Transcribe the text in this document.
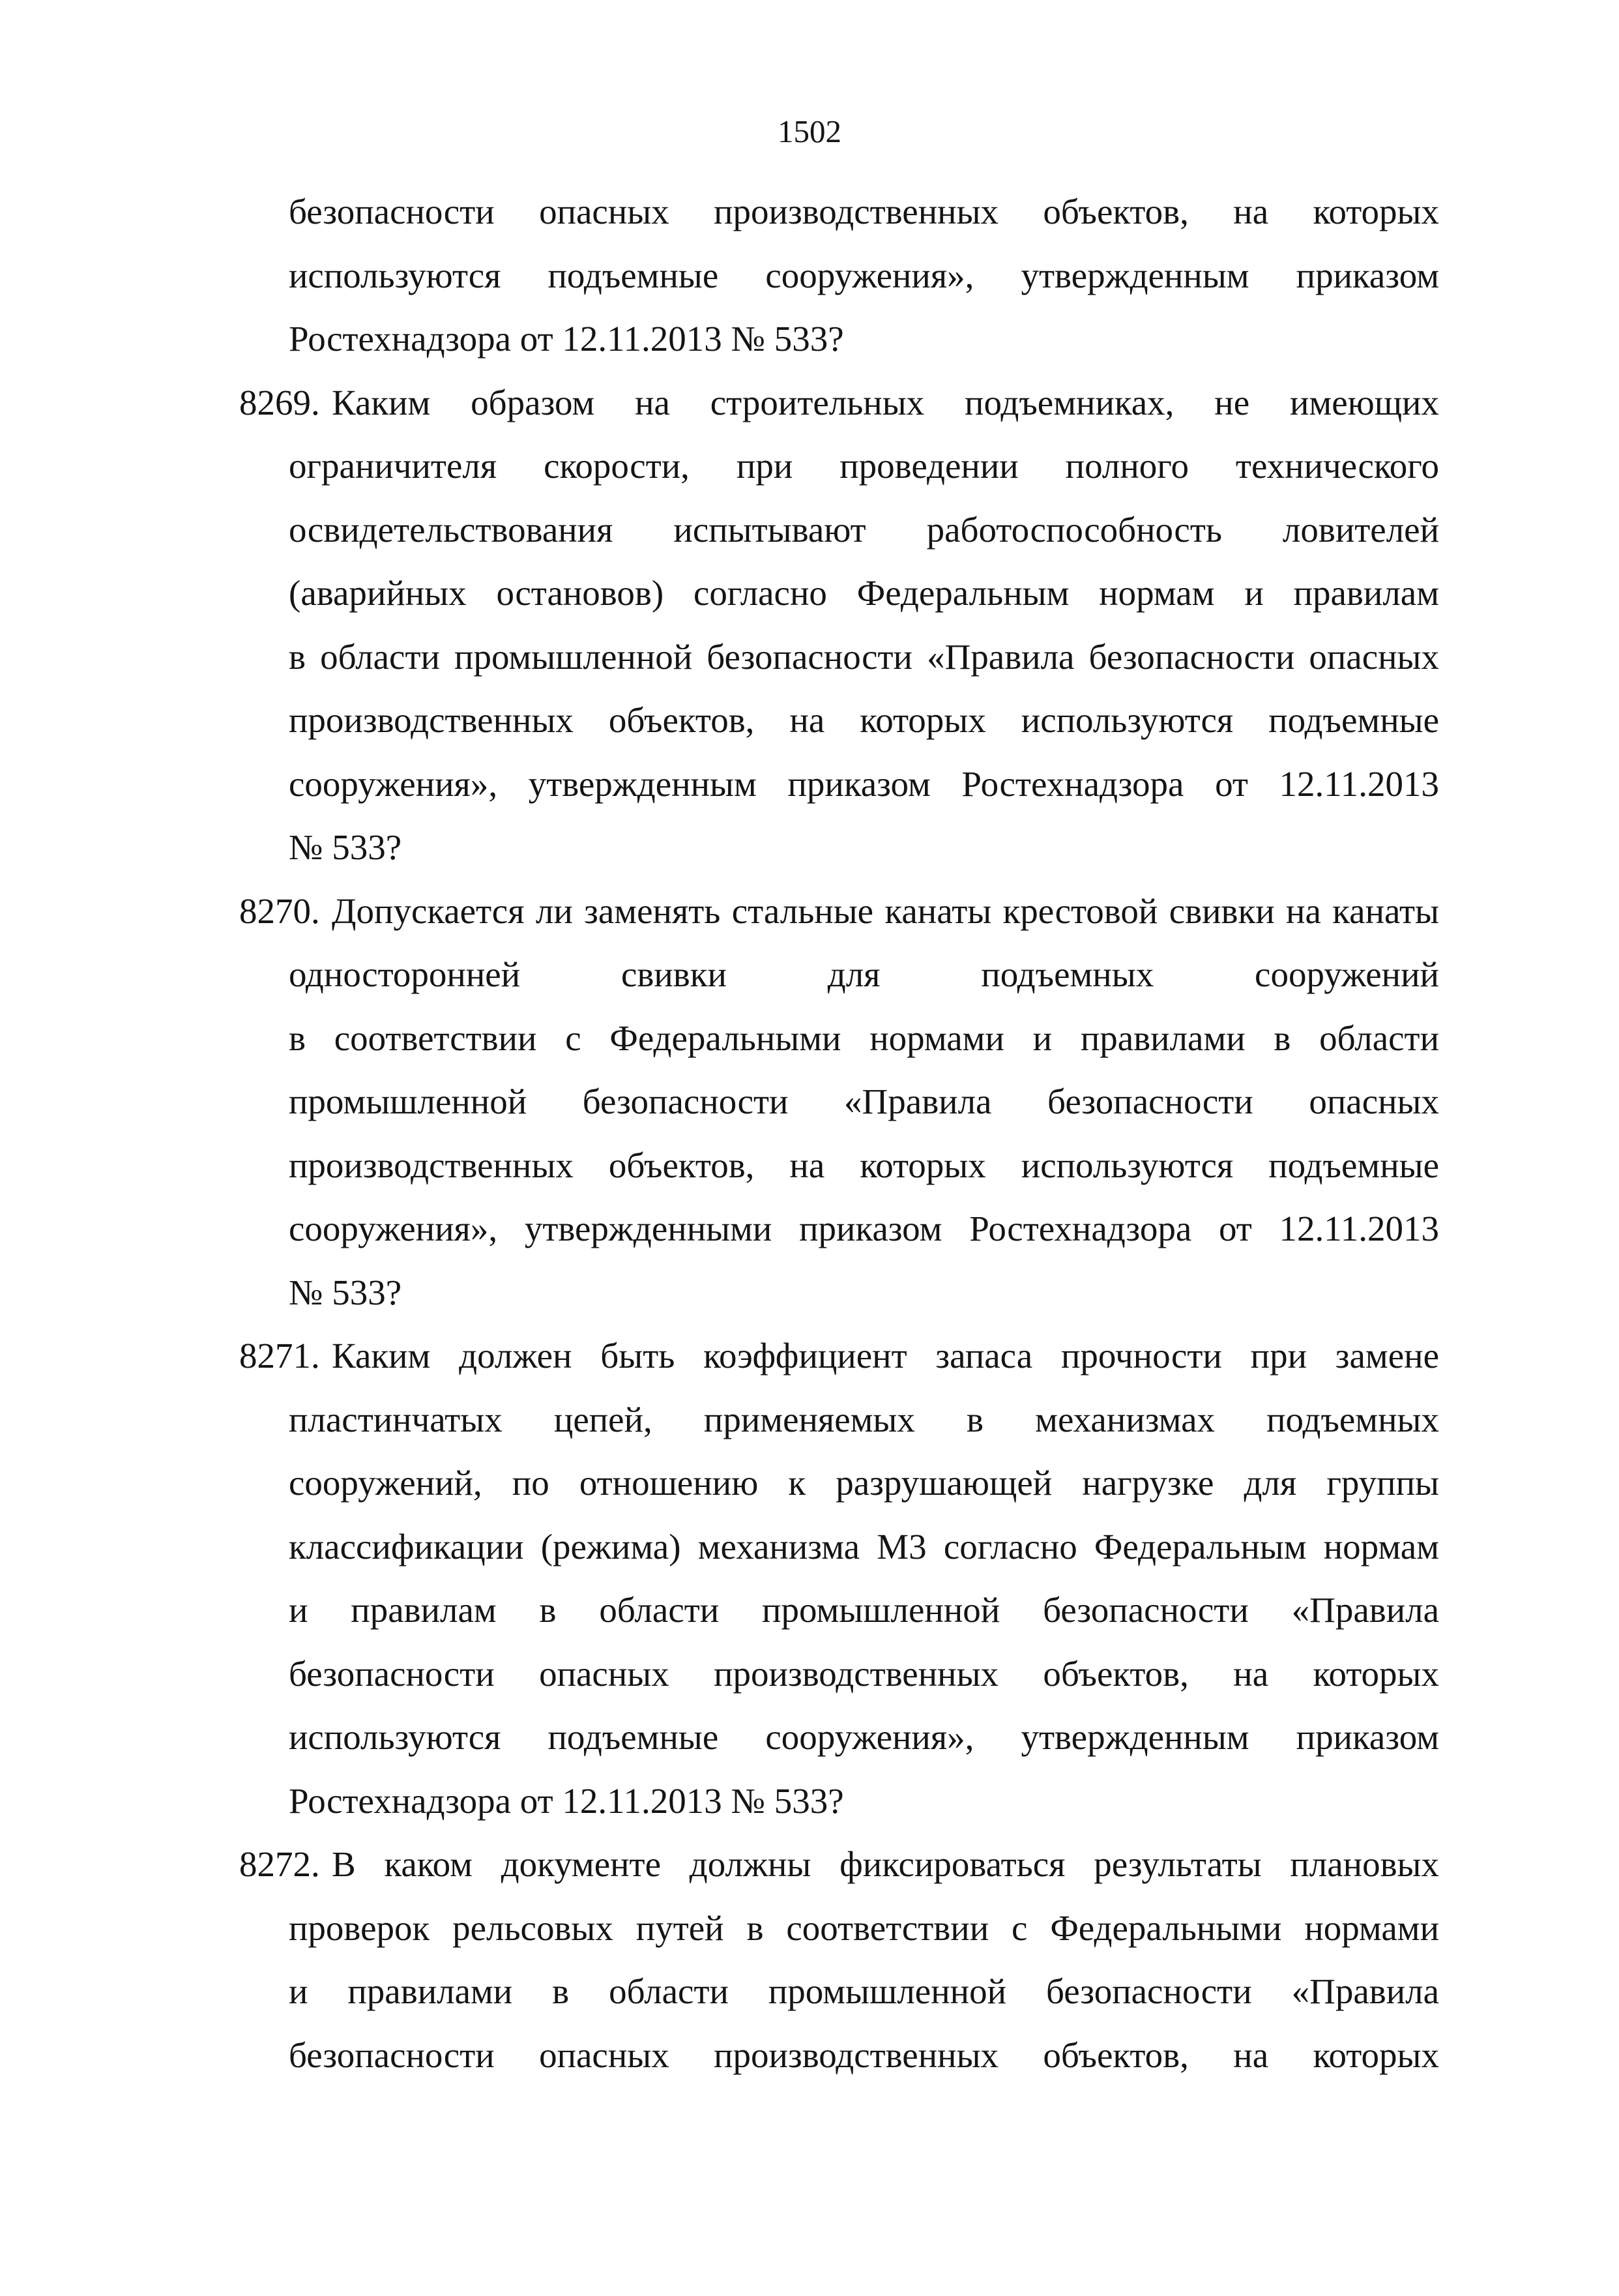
1502
безопасности опасных производственных объектов, на которых
используются подъемные сооружения», утвержденным приказом
Ростехнадзора от 12.11.2013 № 533?
8269. Каким образом на строительных подъемниках, не имеющих
ограничителя скорости, при проведении полного технического
освидетельствования испытывают работоспособность ловителей
(аварийных остановов) согласно Федеральным нормам и правилам
в области промышленной безопасности «Правила безопасности опасных
производственных объектов, на которых используются подъемные
сооружения», утвержденным приказом Ростехнадзора от 12.11.2013
№ 533?
8270. Допускается ли заменять стальные канаты крестовой свивки на канаты
односторонней свивки для подъемных сооружений
в соответствии с Федеральными нормами и правилами в области
промышленной безопасности «Правила безопасности опасных
производственных объектов, на которых используются подъемные
сооружения», утвержденными приказом Ростехнадзора от 12.11.2013
№ 533?
8271. Каким должен быть коэффициент запаса прочности при замене
пластинчатых цепей, применяемых в механизмах подъемных
сооружений, по отношению к разрушающей нагрузке для группы
классификации (режима) механизма М3 согласно Федеральным нормам
и правилам в области промышленной безопасности «Правила
безопасности опасных производственных объектов, на которых
используются подъемные сооружения», утвержденным приказом
Ростехнадзора от 12.11.2013 № 533?
8272. В каком документе должны фиксироваться результаты плановых
проверок рельсовых путей в соответствии с Федеральными нормами
и правилами в области промышленной безопасности «Правила
безопасности опасных производственных объектов, на которых
